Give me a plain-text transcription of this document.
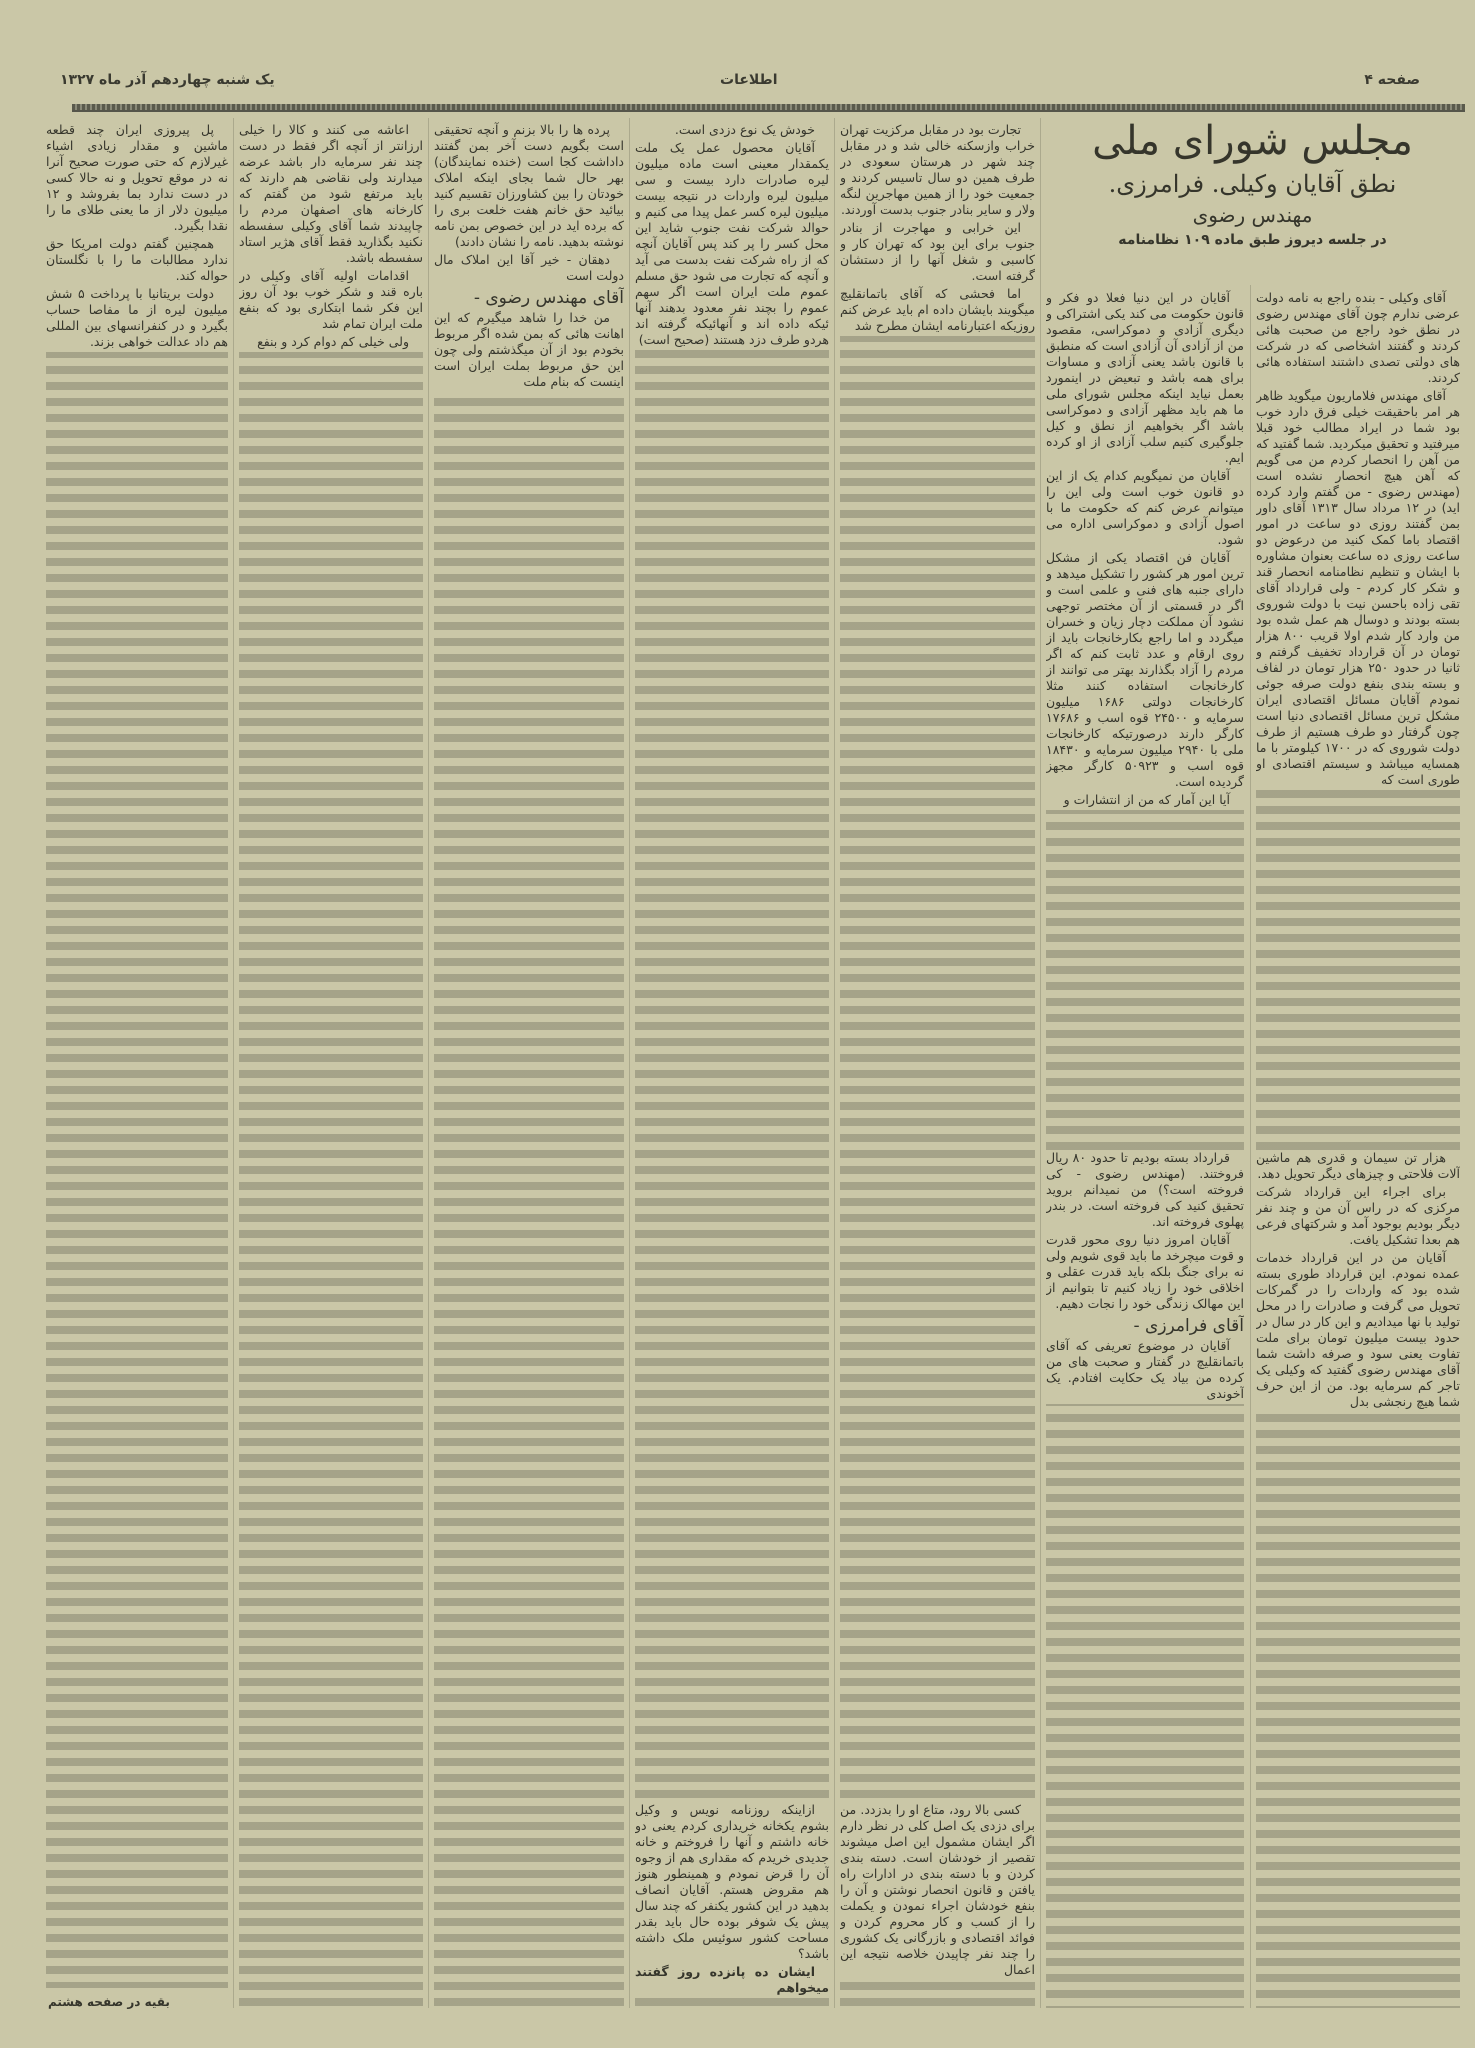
صفحه ۴
اطلاعات
یک شنبه چهاردهم آذر ماه ۱۳۲۷
مجلس شورای ملی
نطق آقایان وکیلی. فرامرزی.
مهندس رضوی
در جلسه دیروز طبق ماده ۱۰۹ نظامنامه

آقای وکیلی - بنده راجع به نامه دولت عرضی ندارم چون آقای مهندس رضوی در نطق خود راجع من صحبت هائی کردند و گفتند اشخاصی که در شرکت های دولتی تصدی داشتند استفاده هائی کردند.

آقای مهندس فلاماریون میگوید ظاهر هر امر باحقیقت خیلی فرق دارد خوب بود شما در ایراد مطالب خود قبلا میرفتید و تحقیق میکردید. شما گفتید که من آهن را انحصار کردم من می گویم که آهن هیچ انحصار نشده است (مهندس رضوی - من گفتم وارد کرده اید) در ۱۲ مرداد سال ۱۳۱۳ آقای داور بمن گفتند روزی دو ساعت در امور اقتصاد باما کمک کنید من درعوض دو ساعت روزی ده ساعت بعنوان مشاوره با ایشان و تنظیم نظامنامه انحصار قند و شکر کار کردم - ولی قرارداد آقای تقی زاده باحسن نیت با دولت شوروی بسته بودند و دوسال هم عمل شده بود من وارد کار شدم اولا قریب ۸۰۰ هزار تومان در آن قرارداد تخفیف گرفتم و ثانیا در حدود ۲۵۰ هزار تومان در لفاف و بسته بندی بنفع دولت صرفه جوئی نمودم آقایان مسائل اقتصادی ایران مشکل ترین مسائل اقتصادی دنیا است چون گرفتار دو طرف هستیم از طرف دولت شوروی که در ۱۷۰۰ کیلومتر با ما همسایه میباشد و سیستم اقتصادی او طوری است که

هزار تن سیمان و قدری هم ماشین آلات فلاحتی و چیزهای دیگر تحویل دهد.

برای اجراء این قرارداد شرکت مرکزی که در راس آن من و چند نفر دیگر بودیم بوجود آمد و شرکتهای فرعی هم بعدا تشکیل یافت.

آقایان من در این قرارداد خدمات عمده نمودم. این قرارداد طوری بسته شده بود که واردات را در گمرکات تحویل می گرفت و صادرات را در محل تولید با نها میدادیم و این کار در سال در حدود بیست میلیون تومان برای ملت تفاوت یعنی سود و صرفه داشت شما آقای مهندس رضوی گفتید که وکیلی یک تاجر کم سرمایه بود. من از این حرف شما هیچ رنجشی بدل

آقایان در این دنیا فعلا دو فکر و قانون حکومت می کند یکی اشتراکی و دیگری آزادی و دموکراسی، مقصود من از آزادی آن آزادی است که منطبق با قانون باشد یعنی آزادی و مساوات برای همه باشد و تبعیض در اینمورد بعمل نیاید اینکه مجلس شورای ملی ما هم باید مظهر آزادی و دموکراسی باشد اگر بخواهیم از نطق و کیل جلوگیری کنیم سلب آزادی از او کرده ایم.

آقایان من نمیگویم کدام یک از این دو قانون خوب است ولی این را میتوانم عرض کنم که حکومت ما با اصول آزادی و دموکراسی اداره می شود.

آقایان فن اقتصاد یکی از مشکل ترین امور هر کشور را تشکیل میدهد و دارای جنبه های فنی و علمی است و اگر در قسمتی از آن مختصر توجهی نشود آن مملکت دچار زیان و خسران میگردد و اما راجع بکارخانجات باید از روی ارقام و عدد ثابت کنم که اگر مردم را آزاد بگذارند بهتر می توانند از کارخانجات استفاده کنند مثلا کارخانجات دولتی ۱۶۸۶ میلیون سرمایه و ۲۴۵۰۰ قوه اسب و ۱۷۶۸۶ کارگر دارند درصورتیکه کارخانجات ملی با ۲۹۴۰ میلیون سرمایه و ۱۸۴۳۰ قوه اسب و ۵۰۹۲۳ کارگر مجهز گردیده است.

آیا این آمار که من از انتشارات و

قرارداد بسته بودیم تا حدود ۸۰ ریال فروختند. (مهندس رضوی - کی فروخته است؟) من نمیدانم بروید تحقیق کنید کی فروخته است. در بندر پهلوی فروخته اند.

آقایان امروز دنیا روی محور قدرت و قوت میچرخد ما باید قوی شویم ولی نه برای جنگ بلکه باید قدرت عقلی و اخلاقی خود را زیاد کنیم تا بتوانیم از این مهالک زندگی خود را نجات دهیم.

آقای فرامرزی -

آقایان در موضوع تعریفی که آقای باتمانقلیچ در گفتار و صحبت های من کرده من بیاد یک حکایت افتادم. یک آخوندی

تجارت بود در مقابل مرکزیت تهران خراب وازسکنه خالی شد و در مقابل چند شهر در هرستان سعودی در طرف همین دو سال تاسیس کردند و جمعیت خود را از همین مهاجرین لنگه ولار و سایر بنادر جنوب بدست آوردند.

این خرابی و مهاجرت از بنادر جنوب برای این بود که تهران کار و کاسبی و شغل آنها را از دستشان گرفته است.

اما فحشی که آقای باتمانقلیچ میگویند بایشان داده ام باید عرض کنم روزیکه اعتبارنامه ایشان مطرح شد

کسی بالا رود، متاع او را بدزدد. من برای دزدی یک اصل کلی در نظر دارم اگر ایشان مشمول این اصل میشوند تقصیر از خودشان است. دسته بندی کردن و با دسته بندی در ادارات راه یافتن و قانون انحصار نوشتن و آن را بنفع خودشان اجراء نمودن و یکملت را از کسب و کار محروم کردن و فوائد اقتصادی و بازرگانی یک کشوری را چند نفر چاپیدن خلاصه نتیجه این اعمال

خودش یک نوع دزدی است.

آقایان محصول عمل یک ملت یکمقدار معینی است ماده میلیون لیره صادرات دارد بیست و سی میلیون لیره واردات در نتیجه بیست میلیون لیره کسر عمل پیدا می کنیم و حوالد شرکت نفت جنوب شاید این محل کسر را پر کند پس آقایان آنچه که از راه شرکت نفت بدست می آید و آنچه که تجارت می شود حق مسلم عموم ملت ایران است اگر سهم عموم را بچند نفر معدود بدهند آنها ئیکه داده اند و آنهائیکه گرفته اند هردو طرف دزد هستند (صحیح است)

ازاینکه روزنامه نویس و وکیل بشوم یکخانه خریداری کردم یعنی دو خانه داشتم و آنها را فروختم و خانه جدیدی خریدم که مقداری هم از وجوه آن را قرض نمودم و همینطور هنوز هم مقروض هستم. آقایان انصاف بدهید در این کشور یکنفر که چند سال پیش یک شوفر بوده حال باید بقدر مساحت کشور سوئیس ملک داشته باشد؟

ایشان ده پانزده روز گفتند میخواهم

پرده ها را بالا بزنم و آنچه تحقیقی است بگویم دست آخر بمن گفتند داداشت کجا است (خنده نمایندگان) بهر حال شما بجای اینکه املاک خودتان را بین کشاورزان تقسیم کنید بیائید حق خانم هفت خلعت بری را که برده اید در این خصوص بمن نامه نوشته بدهید. نامه را نشان دادند)

دهقان - خیر آقا این املاک مال دولت است

آقای مهندس رضوی -

من خدا را شاهد میگیرم که این اهانت هائی که بمن شده اگر مربوط بخودم بود از آن میگذشتم ولی چون این حق مربوط بملت ایران است اینست که بنام ملت

اعاشه می کنند و کالا را خیلی ارزانتر از آنچه اگر فقط در دست چند نفر سرمایه دار باشد عرضه میدارند ولی نقاضی هم دارند که باید مرتفع شود من گفتم که کارخانه های اصفهان مردم را چاپیدند شما آقای وکیلی سفسطه نکنید بگذارید فقط آقای هژیر استاد سفسطه باشد.

اقدامات اولیه آقای وکیلی در باره قند و شکر خوب بود آن روز این فکر شما ابتکاری بود که بنفع ملت ایران تمام شد

ولی خیلی کم دوام کرد و بنفع

پل پیروزی ایران چند قطعه ماشین و مقدار زیادی اشیاء غیرلازم که حتی صورت صحیح آنرا نه در موقع تحویل و نه حالا کسی در دست ندارد بما بفروشد و ۱۲ میلیون دلار از ما یعنی طلای ما را نقدا بگیرد.

همچنین گفتم دولت امریکا حق ندارد مطالبات ما را با نگلستان حواله کند.

دولت بریتانیا با پرداخت ۵ شش میلیون لیره از ما مفاصا حساب بگیرد و در کنفرانسهای بین المللی هم داد عدالت خواهی بزند.

بقیه در صفحه هشتم
